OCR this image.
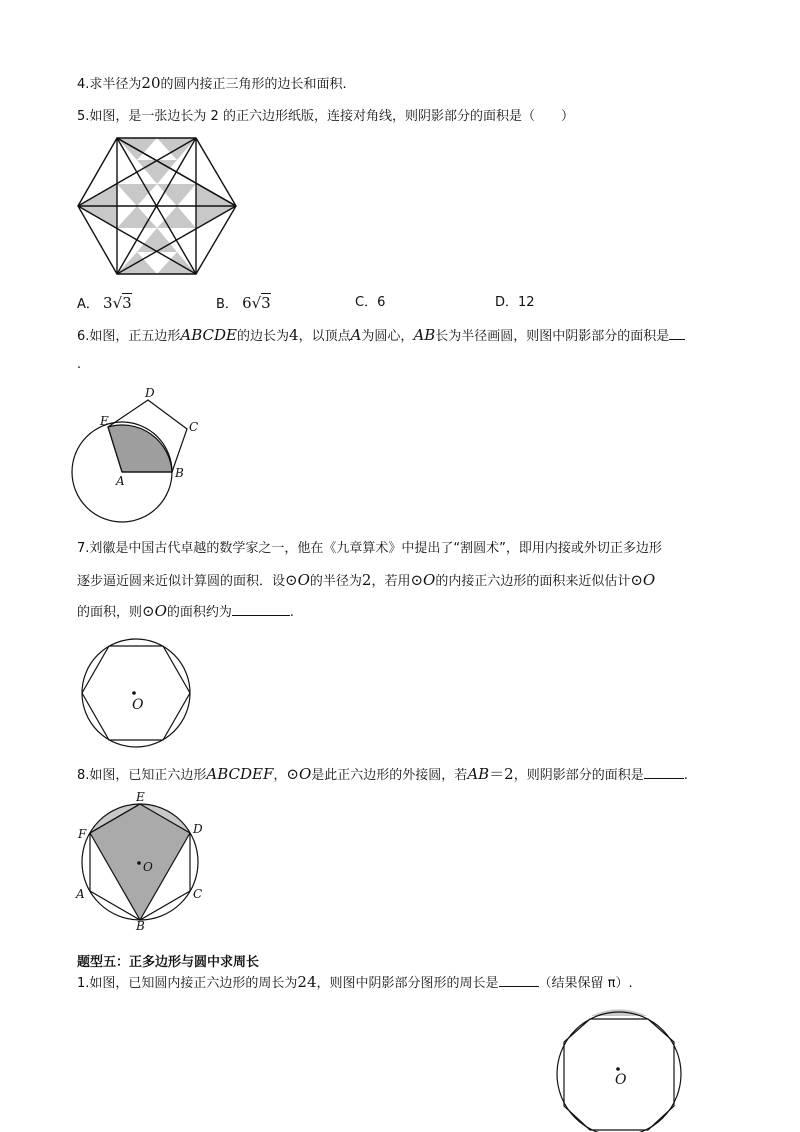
4.求半径为20的圆内接正三角形的边长和面积.
5.如图，是一张边长为 2 的正六边形纸版，连接对角线，则阴影部分的面积是（　　）
A． 3√3	B． 6√3	C．6	D．12
6.如图，正五边形ABCDE的边长为4，以顶点A为圆心，AB长为半径画圆，则图中阴影部分的面积是
.
A
B
C
D
E
7.刘徽是中国古代卓越的数学家之一，他在《九章算术》中提出了“割圆术”，即用内接或外切正多边形
逐步逼近圆来近似计算圆的面积．设⊙O的半径为2，若用⊙O的内接正六边形的面积来近似估计⊙O
的面积，则⊙O的面积约为	.
O
8.如图，已知正六边形ABCDEF，⊙O是此正六边形的外接圆，若AB＝2，则阴影部分的面积是	.
O
E
D
C
B
A
F
题型五：正多边形与圆中求周长
1.如图，已知圆内接正六边形的周长为24，则图中阴影部分图形的周长是	（结果保留 π）.
O
